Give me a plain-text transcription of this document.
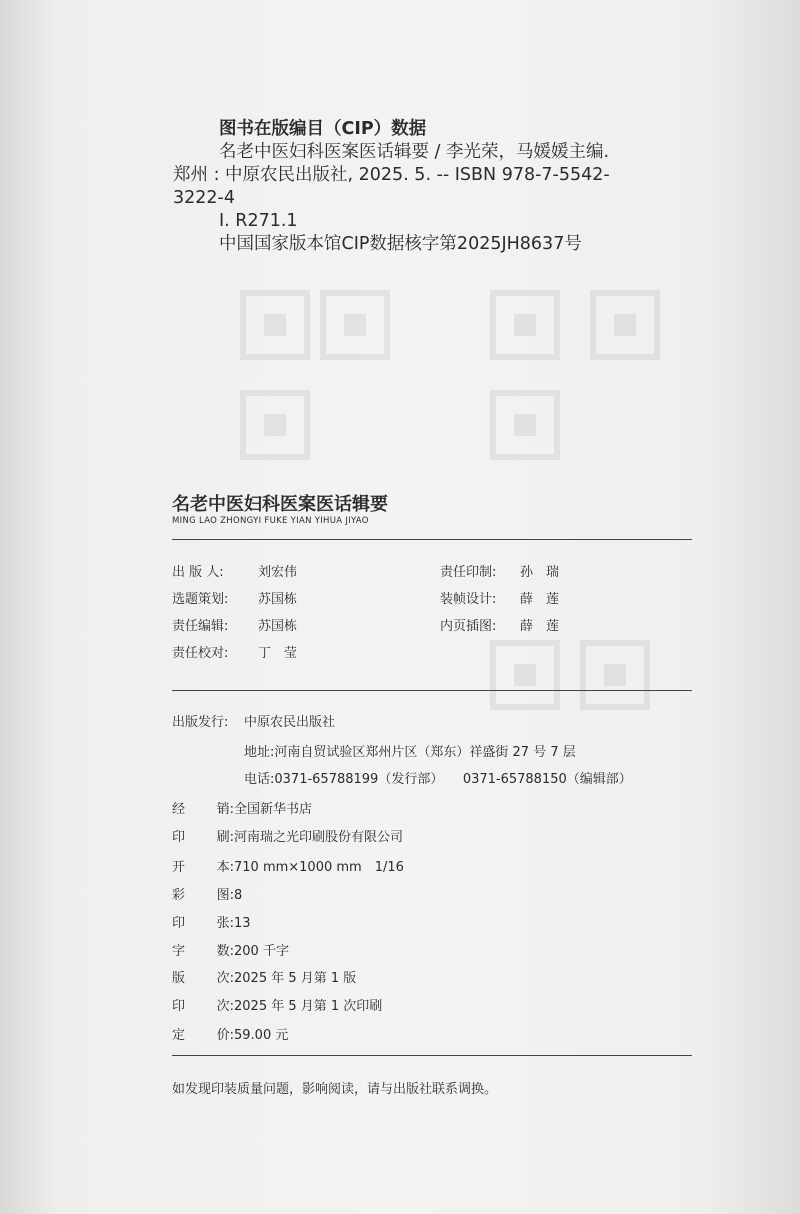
图书在版编目（CIP）数据
名老中医妇科医案医话辑要 / 李光荣，马媛媛主编.
郑州 : 中原农民出版社, 2025. 5. -- ISBN 978-7-5542-
3222-4
Ⅰ. R271.1
中国国家版本馆CIP数据核字第2025JH8637号
名老中医妇科医案医话辑要
MING LAO ZHONGYI FUKE YIAN YIHUA JIYAO
出 版 人:	刘宏伟
选题策划: 苏国栋
责任编辑: 苏国栋
责任校对: 丁　莹
责任印制: 孙　瑞
装帧设计: 薛　莲
内页插图: 薛　莲
出版发行: 中原农民出版社
地址:河南自贸试验区郑州片区（郑东）祥盛街 27 号 7 层
电话:0371-65788199（发行部）　　0371-65788150（编辑部）
经 销: 全国新华书店
印 刷: 河南瑞之光印刷股份有限公司
开 本: 710 mm×1000 mm　1/16
彩 图: 8
印 张: 13
字 数: 200 千字
版 次: 2025 年 5 月第 1 版
印 次: 2025 年 5 月第 1 次印刷
定 价: 59.00 元
如发现印装质量问题，影响阅读，请与出版社联系调换。
